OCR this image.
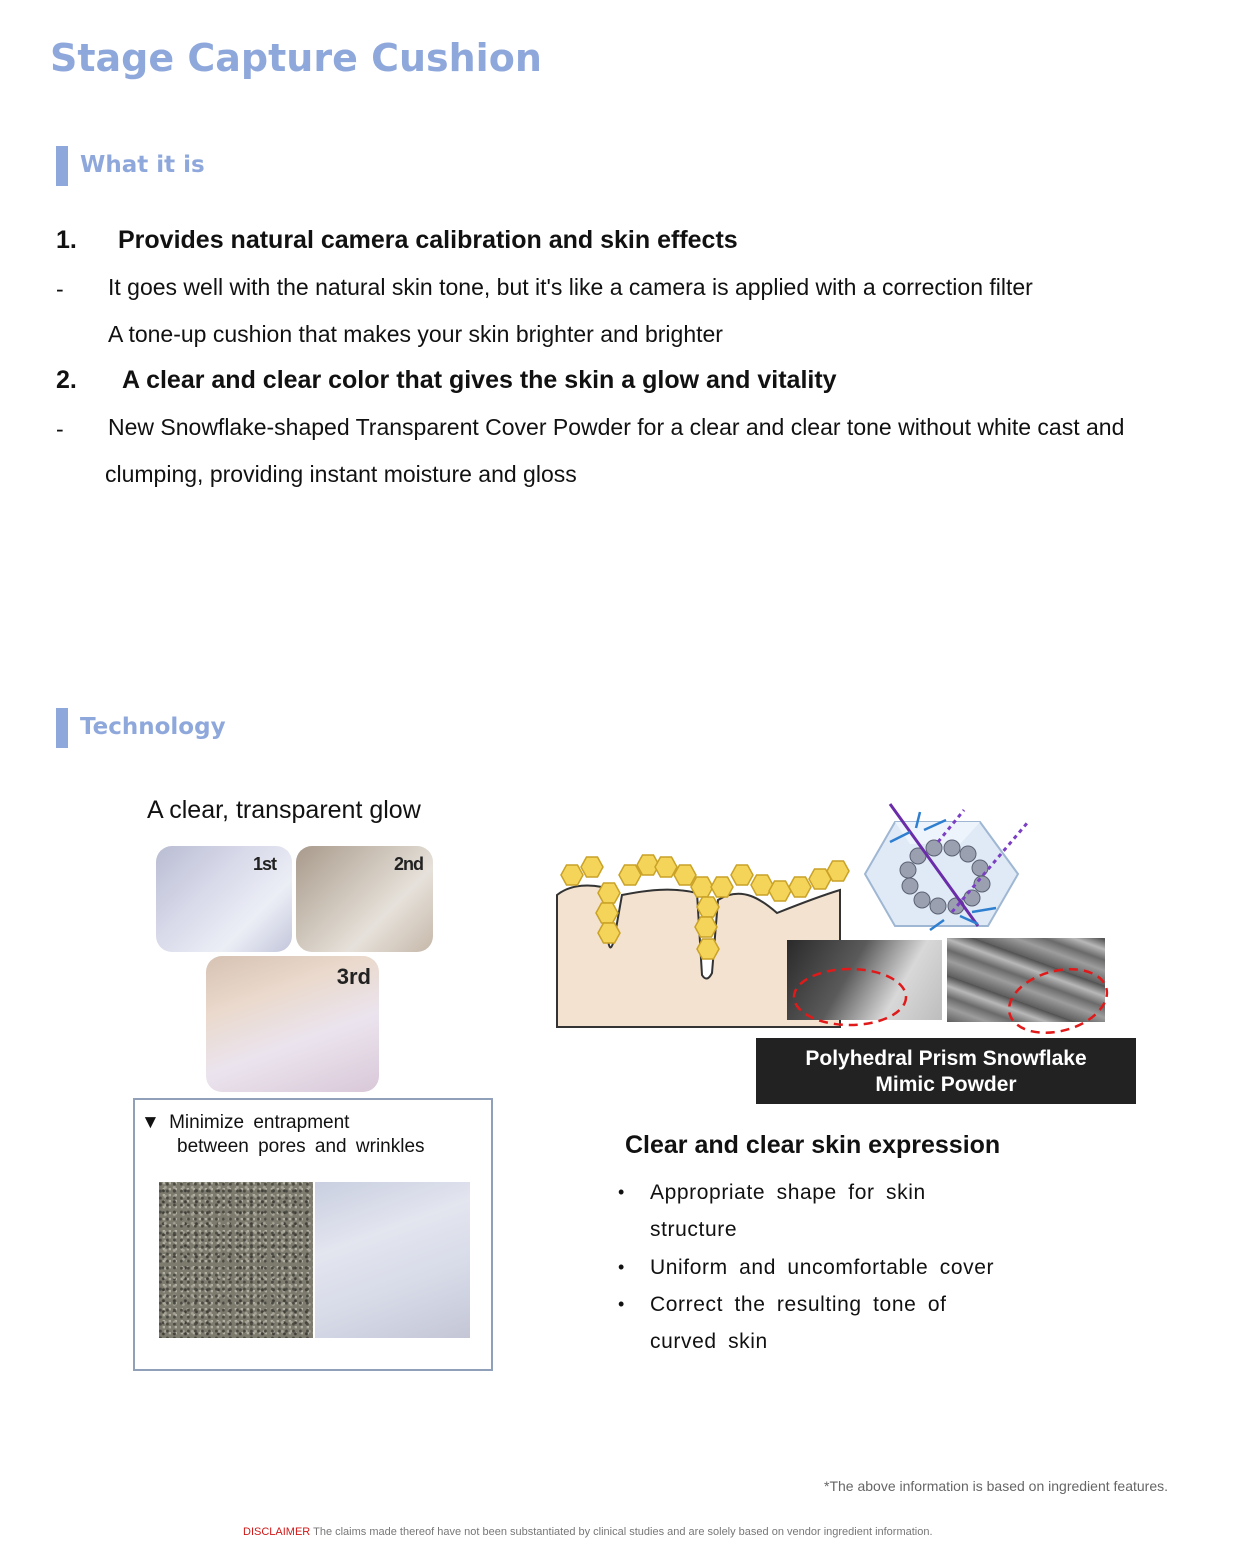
Stage Capture Cushion
What it is
1. Provides natural camera calibration and skin effects
- It goes well with the natural skin tone, but it's like a camera is applied with a correction filter
A tone-up cushion that makes your skin brighter and brighter
2. A clear and clear color that gives the skin a glow and vitality
- New Snowflake-shaped Transparent Cover Powder for a clear and clear tone without white cast and
clumping, providing instant moisture and gloss
Technology
A clear, transparent glow
1st	2nd
3rd
▼ Minimize entrapment
between pores and wrinkles
Polyhedral Prism Snowflake
Mimic Powder
Clear and clear skin expression
• Appropriate shape for skin
structure
• Uniform and uncomfortable cover
• Correct the resulting tone of
curved skin
*The above information is based on ingredient features.
DISCLAIMER The claims made thereof have not been substantiated by clinical studies and are solely based on vendor ingredient information.
